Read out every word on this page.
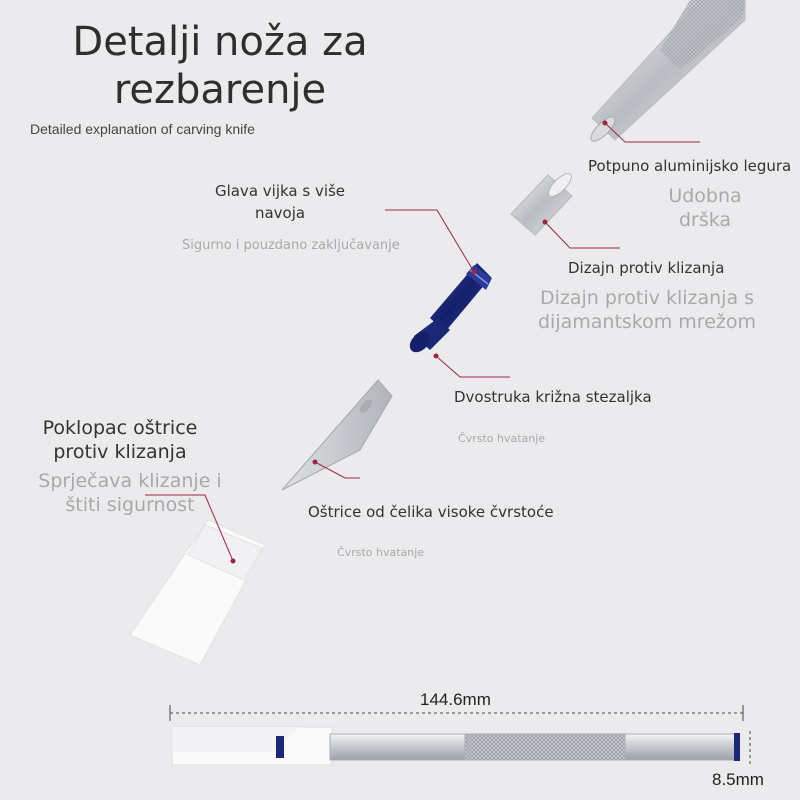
Detalji noža za rezbarenje
Detailed explanation of carving knife
Potpuno aluminijsko legura
Udobna drška
Glava vijka s više navoja
Sigurno i pouzdano zaključavanje
Dizajn protiv klizanja
Dizajn protiv klizanja s dijamantskom mrežom
Dvostruka križna stezaljka
Čvrsto hvatanje
Poklopac oštrice protiv klizanja
Sprječava klizanje i štiti sigurnost	Oštrice od čelika visoke čvrstoće
Čvrsto hvatanje
144.6mm
8.5mm
